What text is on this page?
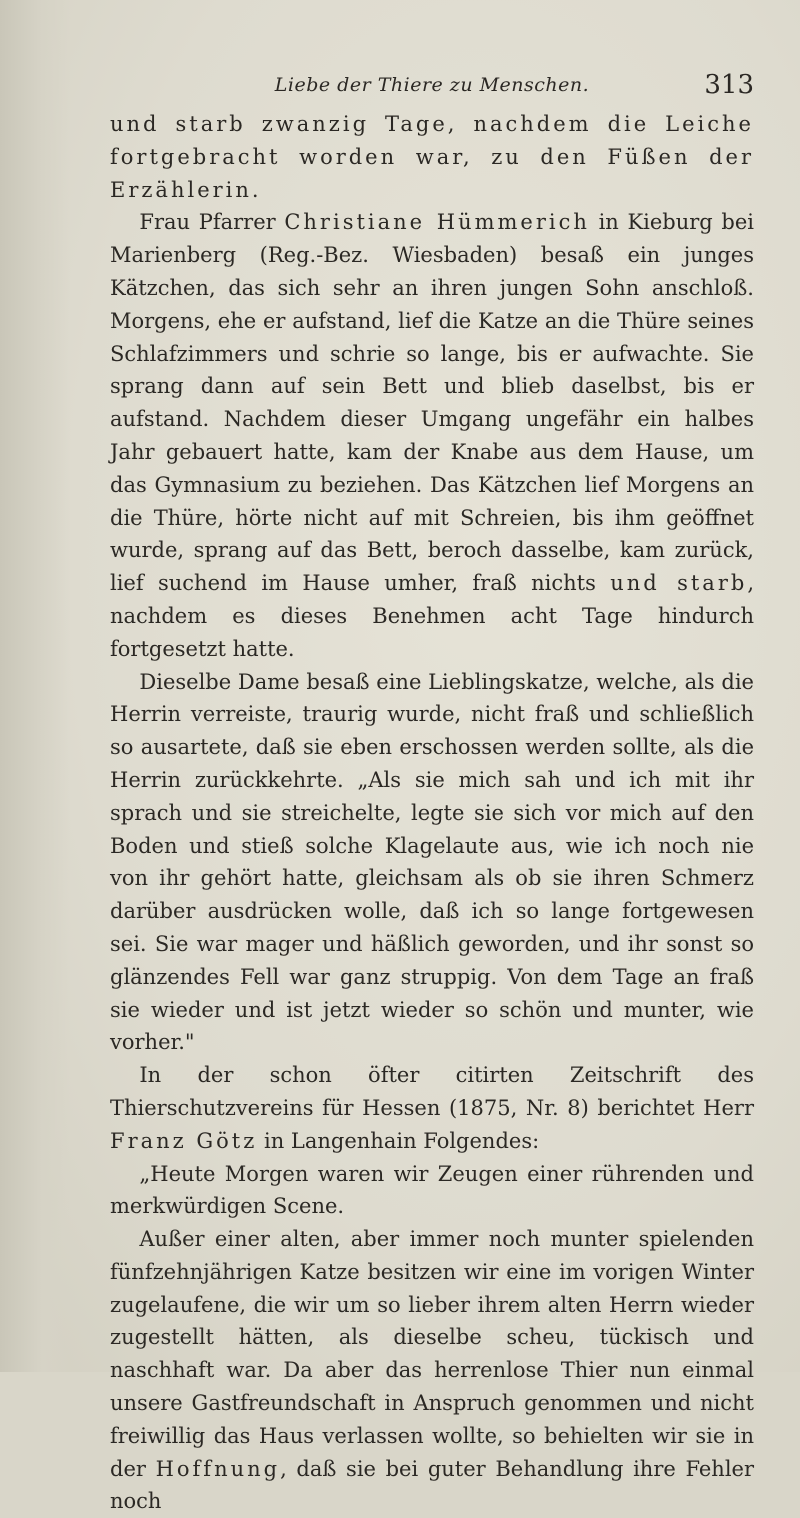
Liebe der Thiere zu Menschen.	313

und starb zwanzig Tage, nachdem die Leiche fortgebracht worden war, zu den Füßen der Erzählerin.

Frau Pfarrer Christiane Hümmerich in Kieburg bei Marienberg (Reg.-Bez. Wiesbaden) besaß ein junges Kätzchen, das sich sehr an ihren jungen Sohn anschloß. Morgens, ehe er aufstand, lief die Katze an die Thüre seines Schlafzimmers und schrie so lange, bis er aufwachte. Sie sprang dann auf sein Bett und blieb daselbst, bis er aufstand. Nachdem dieser Umgang ungefähr ein halbes Jahr gebauert hatte, kam der Knabe aus dem Hause, um das Gymnasium zu beziehen. Das Kätzchen lief Morgens an die Thüre, hörte nicht auf mit Schreien, bis ihm geöffnet wurde, sprang auf das Bett, beroch dasselbe, kam zurück, lief suchend im Hause umher, fraß nichts und starb, nachdem es dieses Benehmen acht Tage hindurch fortgesetzt hatte.

Dieselbe Dame besaß eine Lieblingskatze, welche, als die Herrin verreiste, traurig wurde, nicht fraß und schließlich so ausartete, daß sie eben erschossen werden sollte, als die Herrin zurückkehrte. „Als sie mich sah und ich mit ihr sprach und sie streichelte, legte sie sich vor mich auf den Boden und stieß solche Klagelaute aus, wie ich noch nie von ihr gehört hatte, gleichsam als ob sie ihren Schmerz darüber ausdrücken wolle, daß ich so lange fortgewesen sei. Sie war mager und häßlich geworden, und ihr sonst so glänzendes Fell war ganz struppig. Von dem Tage an fraß sie wieder und ist jetzt wieder so schön und munter, wie vorher."

In der schon öfter citirten Zeitschrift des Thierschutzvereins für Hessen (1875, Nr. 8) berichtet Herr Franz Götz in Langenhain Folgendes:

„Heute Morgen waren wir Zeugen einer rührenden und merkwürdigen Scene.

Außer einer alten, aber immer noch munter spielenden fünfzehnjährigen Katze besitzen wir eine im vorigen Winter zugelaufene, die wir um so lieber ihrem alten Herrn wieder zugestellt hätten, als dieselbe scheu, tückisch und naschhaft war. Da aber das herrenlose Thier nun einmal unsere Gastfreundschaft in Anspruch genommen und nicht freiwillig das Haus verlassen wollte, so behielten wir sie in der Hoffnung, daß sie bei guter Behandlung ihre Fehler noch
